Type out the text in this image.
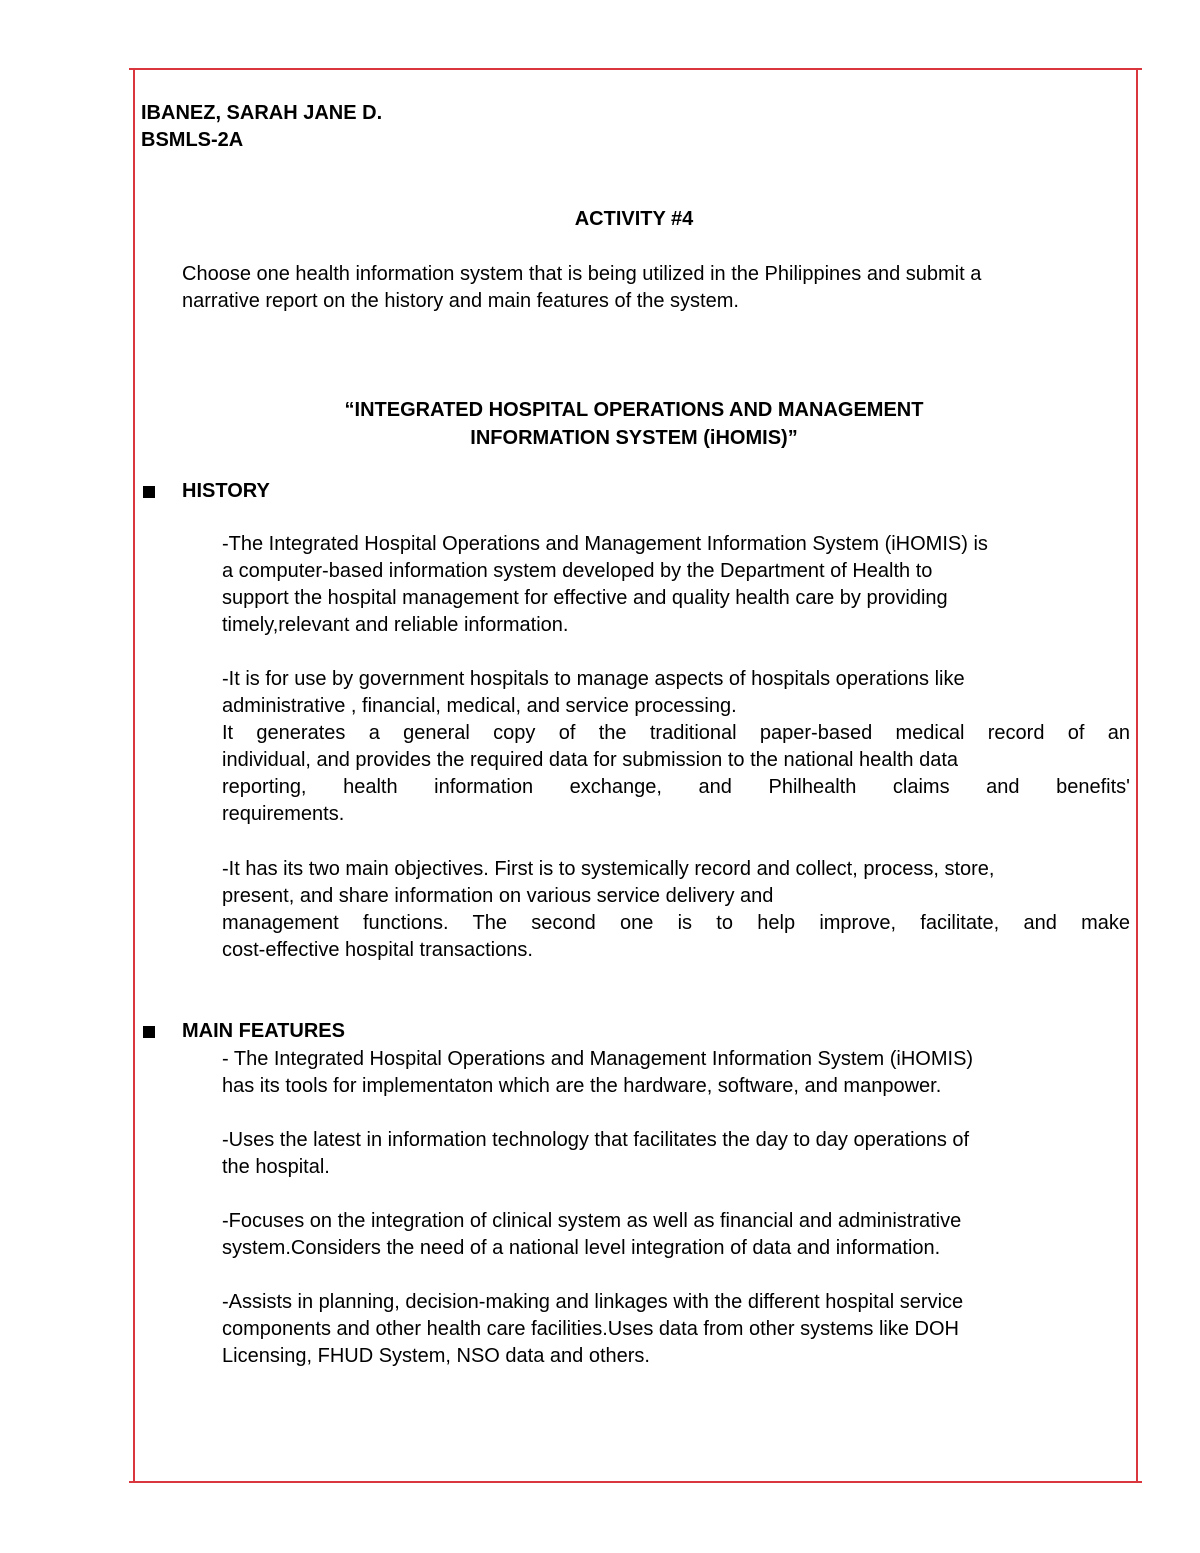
IBANEZ, SARAH JANE D.
BSMLS-2A
ACTIVITY #4
Choose one health information system that is being utilized in the Philippines and submit a
narrative report on the history and main features of the system.
“INTEGRATED HOSPITAL OPERATIONS AND MANAGEMENT
INFORMATION SYSTEM (iHOMIS)”
HISTORY
-The Integrated Hospital Operations and Management Information System (iHOMIS) is
a computer-based information system developed by the Department of Health to
support the hospital management for effective and quality health care by providing
timely,relevant and reliable information.
-It is for use by government hospitals to manage aspects of hospitals operations like
administrative , financial, medical, and service processing.
It generates a general copy of the traditional paper-based medical record of an
individual, and provides the required data for submission to the national health data
reporting, health information exchange, and Philhealth claims and benefits'
requirements.
-It has its two main objectives. First is to systemically record and collect, process, store,
present, and share information on various service delivery and
management functions. The second one is to help improve, facilitate, and make
cost-effective hospital transactions.
MAIN FEATURES
- The Integrated Hospital Operations and Management Information System (iHOMIS)
has its tools for implementaton which are the hardware, software, and manpower.
-Uses the latest in information technology that facilitates the day to day operations of
the hospital.
-Focuses on the integration of clinical system as well as financial and administrative
system.Considers the need of a national level integration of data and information.
-Assists in planning, decision-making and linkages with the different hospital service
components and other health care facilities.Uses data from other systems like DOH
Licensing, FHUD System, NSO data and others.
